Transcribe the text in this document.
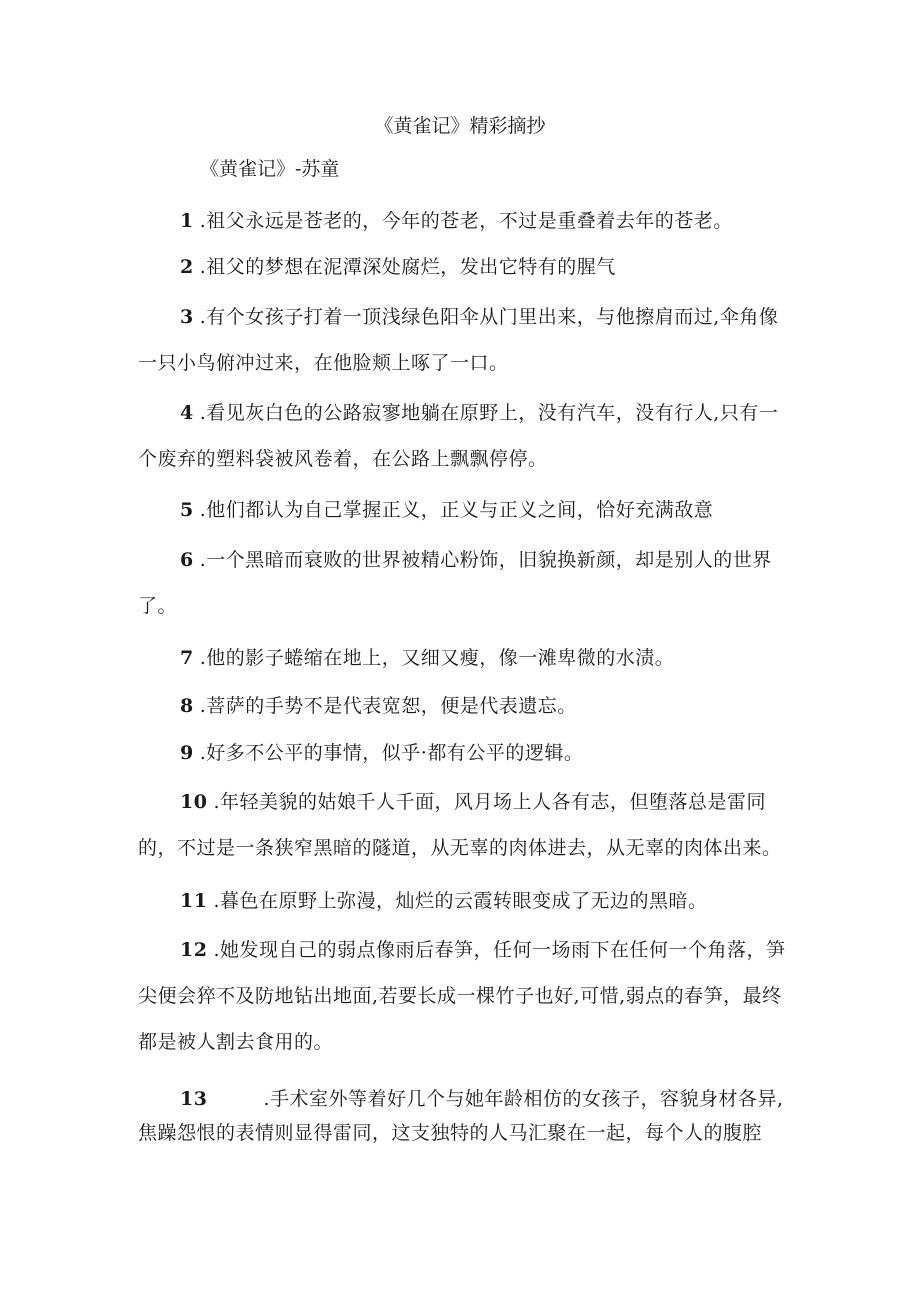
《黄雀记》精彩摘抄
《黄雀记》-苏童
1 .祖父永远是苍老的，今年的苍老，不过是重叠着去年的苍老。
2 .祖父的梦想在泥潭深处腐烂，发出它特有的腥气
3 .有个女孩子打着一顶浅绿色阳伞从门里出来，与他擦肩而过,伞角像一只小鸟俯冲过来，在他脸颊上啄了一口。
4 .看见灰白色的公路寂寥地躺在原野上，没有汽车，没有行人,只有一个废弃的塑料袋被风卷着，在公路上飘飘停停。
5 .他们都认为自己掌握正义，正义与正义之间，恰好充满敌意
6 .一个黑暗而衰败的世界被精心粉饰，旧貌换新颜，却是别人的世界了。
7 .他的影子蜷缩在地上，又细又瘦，像一滩卑微的水渍。
8 .菩萨的手势不是代表宽恕，便是代表遗忘。
9 .好多不公平的事情，似乎·都有公平的逻辑。
10 .年轻美貌的姑娘千人千面，风月场上人各有志，但堕落总是雷同的，不过是一条狭窄黑暗的隧道，从无辜的肉体进去，从无辜的肉体出来。
11 .暮色在原野上弥漫，灿烂的云霞转眼变成了无边的黑暗。
12 .她发现自己的弱点像雨后春笋，任何一场雨下在任何一个角落，笋尖便会猝不及防地钻出地面,若要长成一棵竹子也好,可惜,弱点的春笋，最终都是被人割去食用的。
13	.手术室外等着好几个与她年龄相仿的女孩子，容貌身材各异,焦躁怨恨的表情则显得雷同，这支独特的人马汇聚在一起，每个人的腹腔
